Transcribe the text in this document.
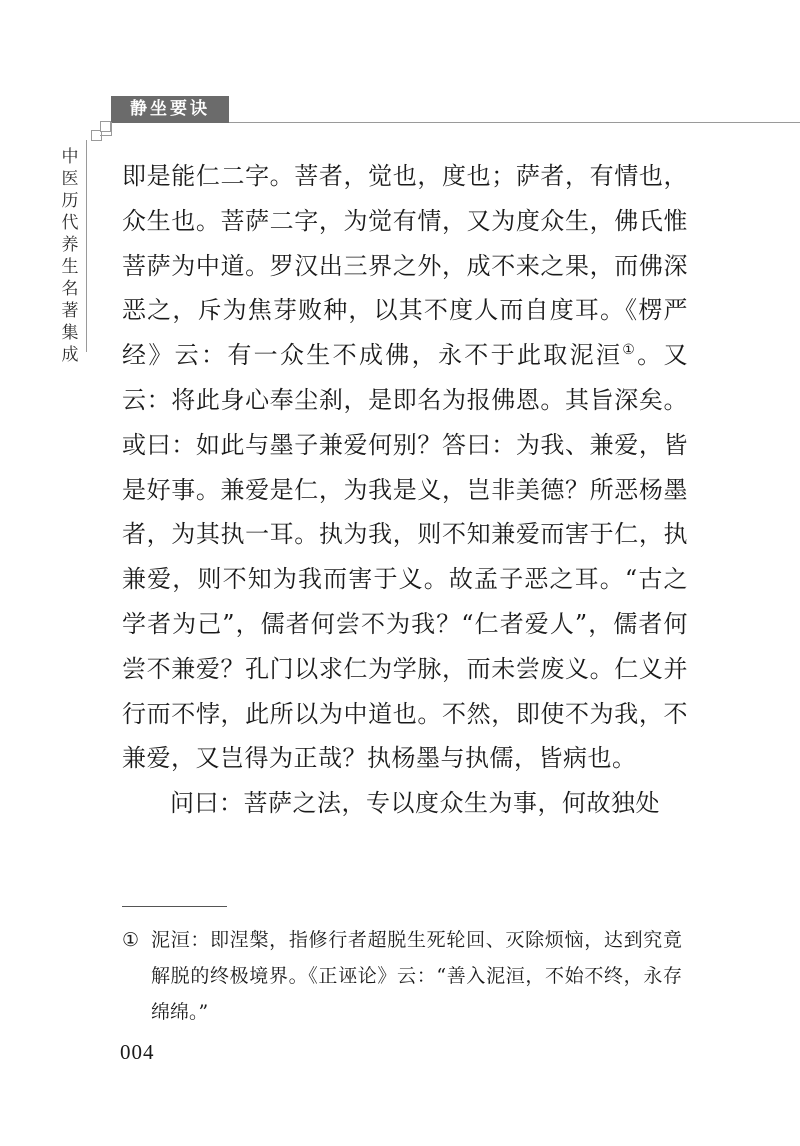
静坐要诀
中
医
历
代
养
生
名
著
集
成

即是能仁二字。菩者，觉也，度也；萨者，有情也，众生也。菩萨二字，为觉有情，又为度众生，佛氏惟菩萨为中道。罗汉出三界之外，成不来之果，而佛深恶之，斥为焦芽败种，以其不度人而自度耳。《楞严经》云：有一众生不成佛，永不于此取泥洹①。又云：将此身心奉尘刹，是即名为报佛恩。其旨深矣。或曰：如此与墨子兼爱何别？答曰：为我、兼爱，皆是好事。兼爱是仁，为我是义，岂非美德？所恶杨墨者，为其执一耳。执为我，则不知兼爱而害于仁，执兼爱，则不知为我而害于义。故孟子恶之耳。“古之学者为己”，儒者何尝不为我？“仁者爱人”，儒者何尝不兼爱？孔门以求仁为学脉，而未尝废义。仁义并行而不悖，此所以为中道也。不然，即使不为我，不兼爱，又岂得为正哉？执杨墨与执儒，皆病也。

问曰：菩萨之法，专以度众生为事，何故独处

① 泥洹：即涅槃，指修行者超脱生死轮回、灭除烦恼，达到究竟解脱的终极境界。《正诬论》云：“善入泥洹，不始不终，永存绵绵。”
004
